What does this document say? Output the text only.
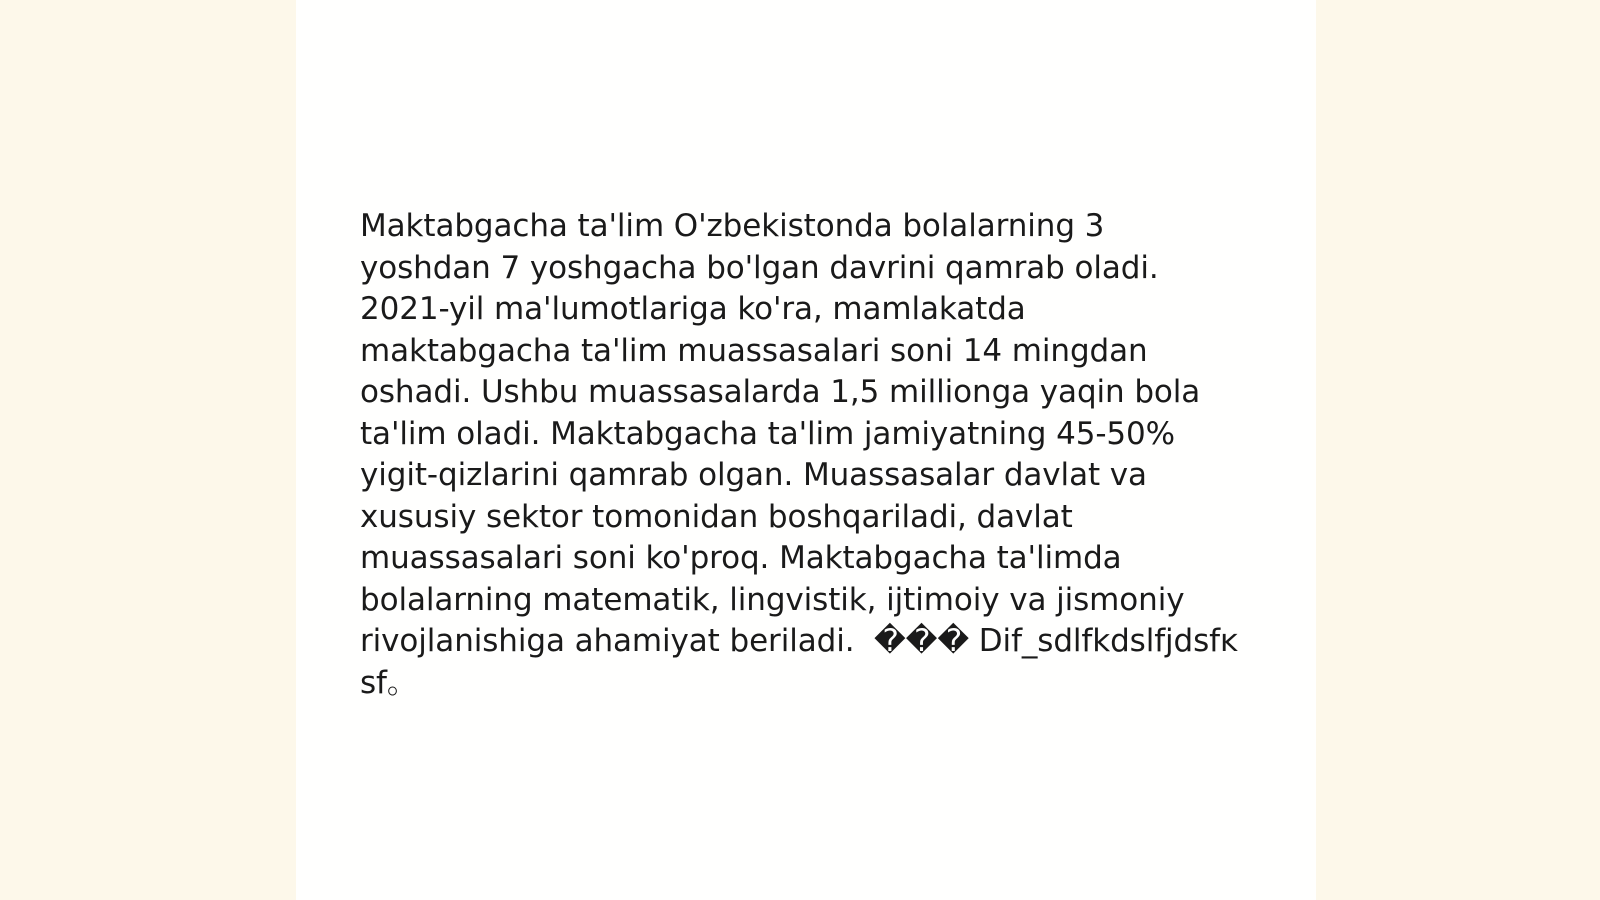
Maktabgacha ta'lim O'zbekistonda bolalarning 3 yoshdan 7 yoshgacha bo'lgan davrini qamrab oladi. 2021-yil ma'lumotlariga ko'ra, mamlakatda maktabgacha ta'lim muassasalari soni 14 mingdan oshadi. Ushbu muassasalarda 1,5 millionga yaqin bola ta'lim oladi. Maktabgacha ta'lim jamiyatning 45-50% yigit-qizlarini qamrab olgan. Muassasalar davlat va xususiy sektor tomonidan boshqariladi, davlat muassasalari soni ko'proq. Maktabgacha ta'limda bolalarning matematik, lingvistik, ijtimoiy va jismoniy rivojlanishiga ahamiyat beriladi.  ��� Dif_sdlfkdslfjdsfĸ sf。
